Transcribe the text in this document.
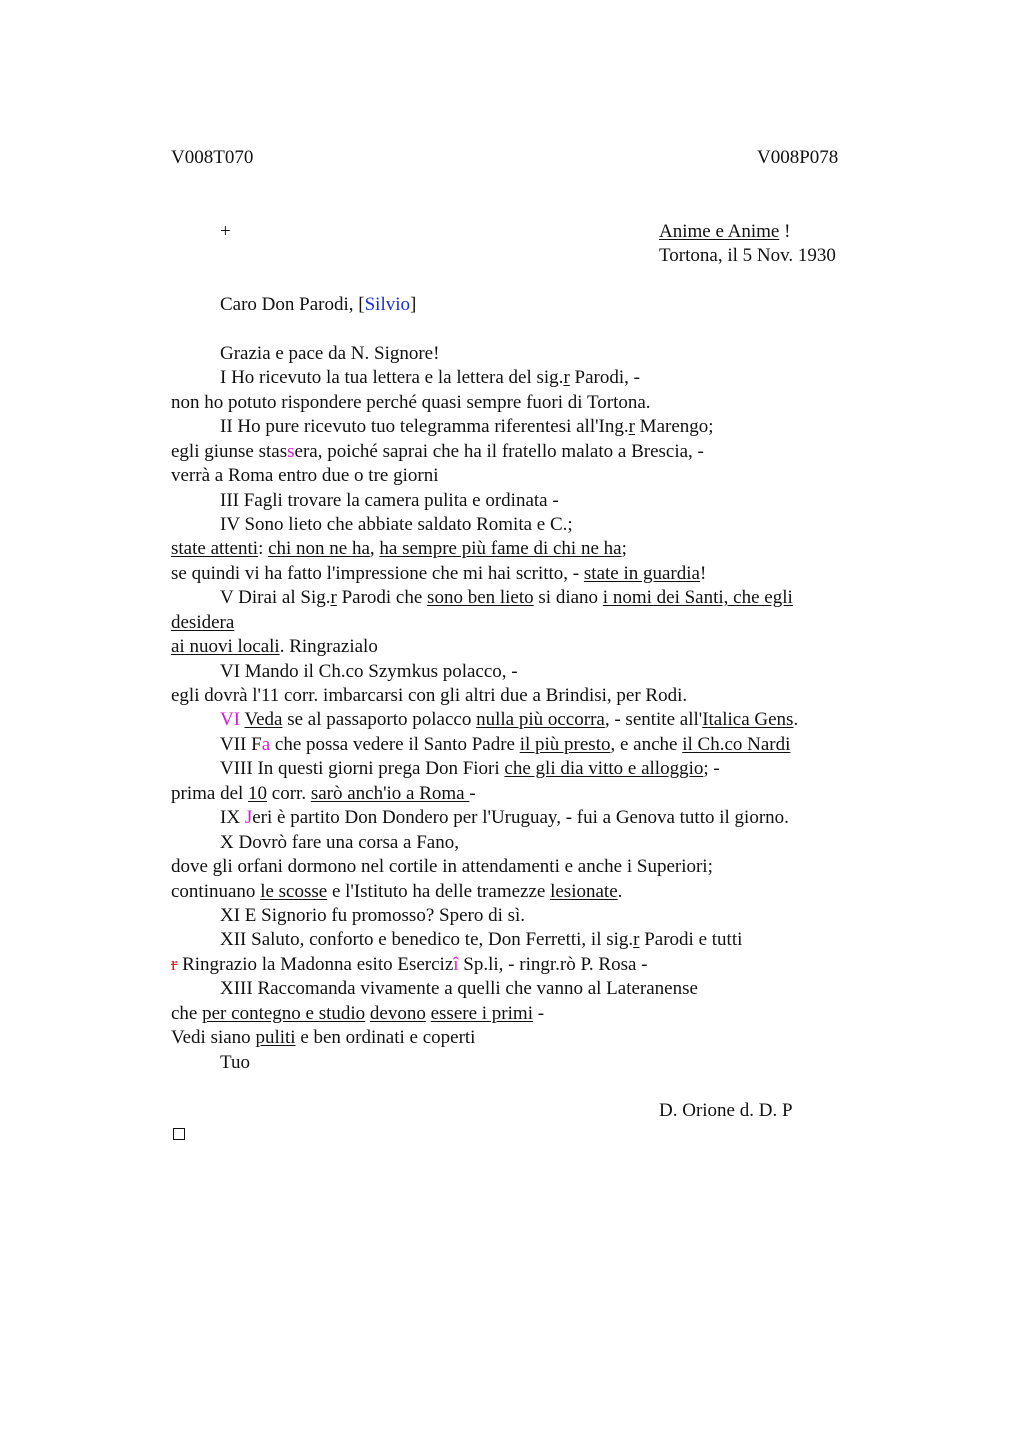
V008T070	V008P078
+	Anime e Anime !
Tortona, il 5 Nov. 1930
Caro Don Parodi, [Silvio]
Grazia e pace da N. Signore!
I Ho ricevuto la tua lettera e la lettera del sig.r Parodi, -
non ho potuto rispondere perché quasi sempre fuori di Tortona.
II Ho pure ricevuto tuo telegramma riferentesi all'Ing.r Marengo;
egli giunse stassera, poiché saprai che ha il fratello malato a Brescia, -
verrà a Roma entro due o tre giorni
III Fagli trovare la camera pulita e ordinata -
IV Sono lieto che abbiate saldato Romita e C.;
state attenti: chi non ne ha, ha sempre più fame di chi ne ha;
se quindi vi ha fatto l'impressione che mi hai scritto, - state in guardia!
V Dirai al Sig.r Parodi che sono ben lieto si diano i nomi dei Santi, che egli
desidera
ai nuovi locali. Ringrazialo
VI Mando il Ch.co Szymkus polacco, -
egli dovrà l'11 corr. imbarcarsi con gli altri due a Brindisi, per Rodi.
VI Veda se al passaporto polacco nulla più occorra, - sentite all'Italica Gens.
VII Fa che possa vedere il Santo Padre il più presto, e anche il Ch.co Nardi
VIII In questi giorni prega Don Fiori che gli dia vitto e alloggio; -
prima del 10 corr. sarò anch'io a Roma -
IX Jeri è partito Don Dondero per l'Uruguay, - fui a Genova tutto il giorno.
X Dovrò fare una corsa a Fano,
dove gli orfani dormono nel cortile in attendamenti e anche i Superiori;
continuano le scosse e l'Istituto ha delle tramezze lesionate.
XI E Signorio fu promosso? Spero di sì.
XII Saluto, conforto e benedico te, Don Ferretti, il sig.r Parodi e tutti
r Ringrazio la Madonna esito Esercizî Sp.li, - ringr.rò P. Rosa -
XIII Raccomanda vivamente a quelli che vanno al Lateranense
che per contegno e studio devono essere i primi -
Vedi siano puliti e ben ordinati e coperti
Tuo
D. Orione d. D. P
